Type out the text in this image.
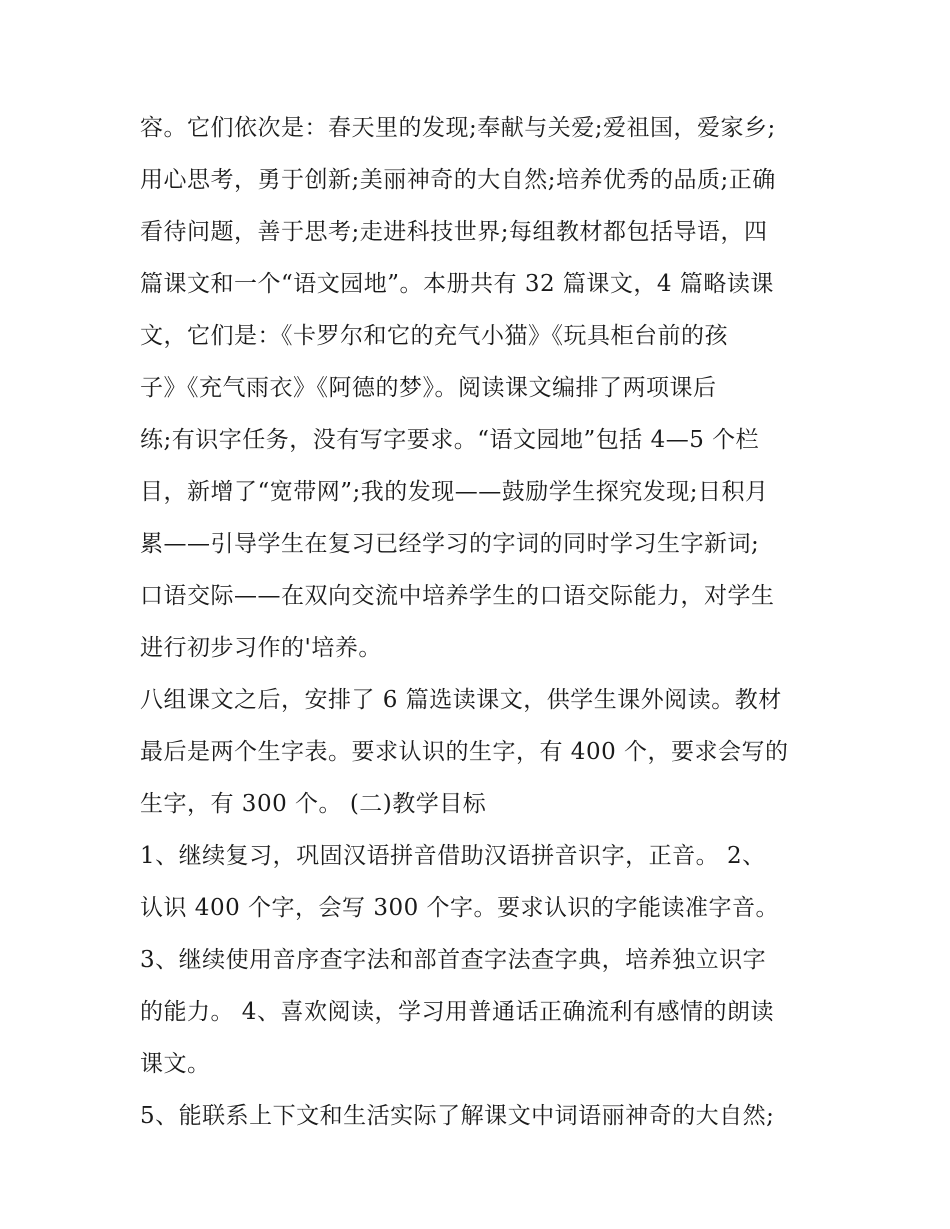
容。它们依次是：春天里的发现;奉献与关爱;爱祖国，爱家乡;
用心思考，勇于创新;美丽神奇的大自然;培养优秀的品质;正确
看待问题，善于思考;走进科技世界;每组教材都包括导语，四
篇课文和一个“语文园地”。本册共有 32 篇课文，4 篇略读课
文，它们是：《卡罗尔和它的充气小猫》《玩具柜台前的孩
子》《充气雨衣》《阿德的梦》。阅读课文编排了两项课后
练;有识字任务，没有写字要求。“语文园地”包括 4—5 个栏
目，新增了“宽带网”;我的发现——鼓励学生探究发现;日积月
累——引导学生在复习已经学习的字词的同时学习生字新词;
口语交际——在双向交流中培养学生的口语交际能力，对学生
进行初步习作的'培养。
八组课文之后，安排了 6 篇选读课文，供学生课外阅读。教材
最后是两个生字表。要求认识的生字，有 400 个，要求会写的
生字，有 300 个。 (二)教学目标
1、继续复习，巩固汉语拼音借助汉语拼音识字，正音。 2、
认识 400 个字，会写 300 个字。要求认识的字能读准字音。
3、继续使用音序查字法和部首查字法查字典，培养独立识字
的能力。 4、喜欢阅读，学习用普通话正确流利有感情的朗读
课文。
5、能联系上下文和生活实际了解课文中词语丽神奇的大自然;
